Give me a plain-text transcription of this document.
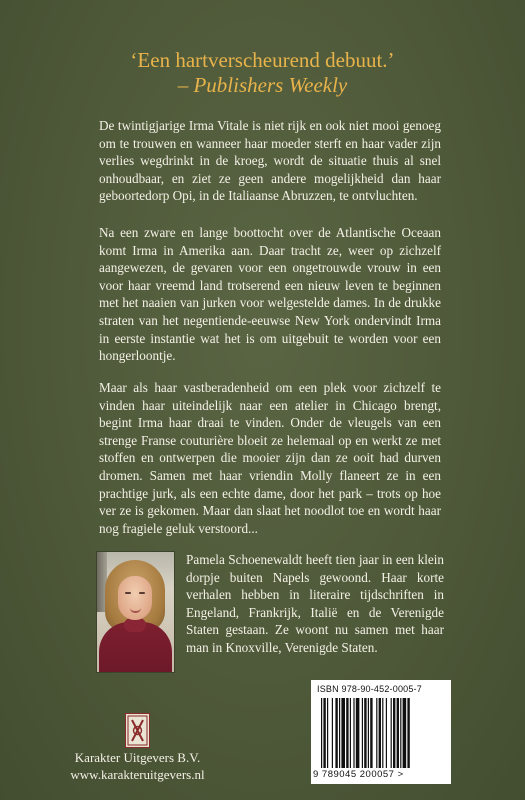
‘Een hartverscheurend debuut.’
– Publishers Weekly
De twintigjarige Irma Vitale is niet rijk en ook niet mooi genoeg om te trouwen en wanneer haar moeder sterft en haar vader zijn verlies wegdrinkt in de kroeg, wordt de situatie thuis al snel onhoudbaar, en ziet ze geen andere mogelijkheid dan haar geboortedorp Opi, in de Italiaanse Abruzzen, te ontvluchten.
Na een zware en lange boottocht over de Atlantische Oceaan komt Irma in Amerika aan. Daar tracht ze, weer op zichzelf aangewezen, de gevaren voor een ongetrouwde vrouw in een voor haar vreemd land trotserend een nieuw leven te beginnen met het naaien van jurken voor welgestelde dames. In de drukke straten van het negentiende-eeuwse New York ondervindt Irma in eerste instantie wat het is om uitgebuit te worden voor een hongerloontje.
Maar als haar vastberadenheid om een plek voor zichzelf te vinden haar uiteindelijk naar een atelier in Chicago brengt, begint Irma haar draai te vinden. Onder de vleugels van een strenge Franse couturière bloeit ze helemaal op en werkt ze met stoffen en ontwerpen die mooier zijn dan ze ooit had durven dromen. Samen met haar vriendin Molly flaneert ze in een prachtige jurk, als een echte dame, door het park – trots op hoe ver ze is gekomen. Maar dan slaat het noodlot toe en wordt haar nog fragiele geluk verstoord...
Pamela Schoenewaldt heeft tien jaar in een klein dorpje buiten Napels gewoond. Haar korte verhalen hebben in literaire tijdschriften in Engeland, Frankrijk, Italië en de Verenigde Staten gestaan. Ze woont nu samen met haar man in Knoxville, Verenigde Staten.
ISBN 978-90-452-0005-7
9 789045 200057 >
Karakter Uitgevers B.V.
www.karakteruitgevers.nl
